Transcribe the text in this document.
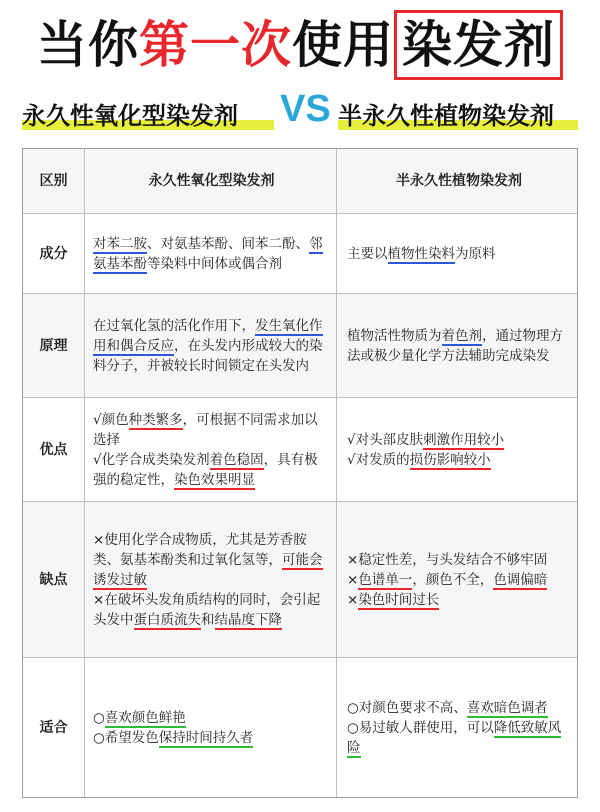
当你第一次使用 染发剂
永久性氧化型染发剂 VS 半永久性植物染发剂
区别	永久性氧化型染发剂	半永久性植物染发剂
成分
对苯二胺、对氨基苯酚、间苯二酚、邻氨基苯酚等染料中间体或偶合剂
主要以植物性染料为原料
原理
在过氧化氢的活化作用下，发生氧化作用和偶合反应，在头发内形成较大的染料分子，并被较长时间锁定在头发内
植物活性物质为着色剂，通过物理方法或极少量化学方法辅助完成染发
优点
√颜色种类繁多，可根据不同需求加以选择
√化学合成类染发剂着色稳固，具有极强的稳定性，染色效果明显
√对头部皮肤刺激作用较小
√对发质的损伤影响较小
缺点
×使用化学合成物质，尤其是芳香胺类、氨基苯酚类和过氧化氢等，可能会诱发过敏
×在破坏头发角质结构的同时，会引起头发中蛋白质流失和结晶度下降
×稳定性差，与头发结合不够牢固
×色谱单一，颜色不全，色调偏暗
×染色时间过长
适合
○喜欢颜色鲜艳
○希望发色保持时间持久者
○对颜色要求不高、喜欢暗色调者
○易过敏人群使用，可以降低致敏风险
